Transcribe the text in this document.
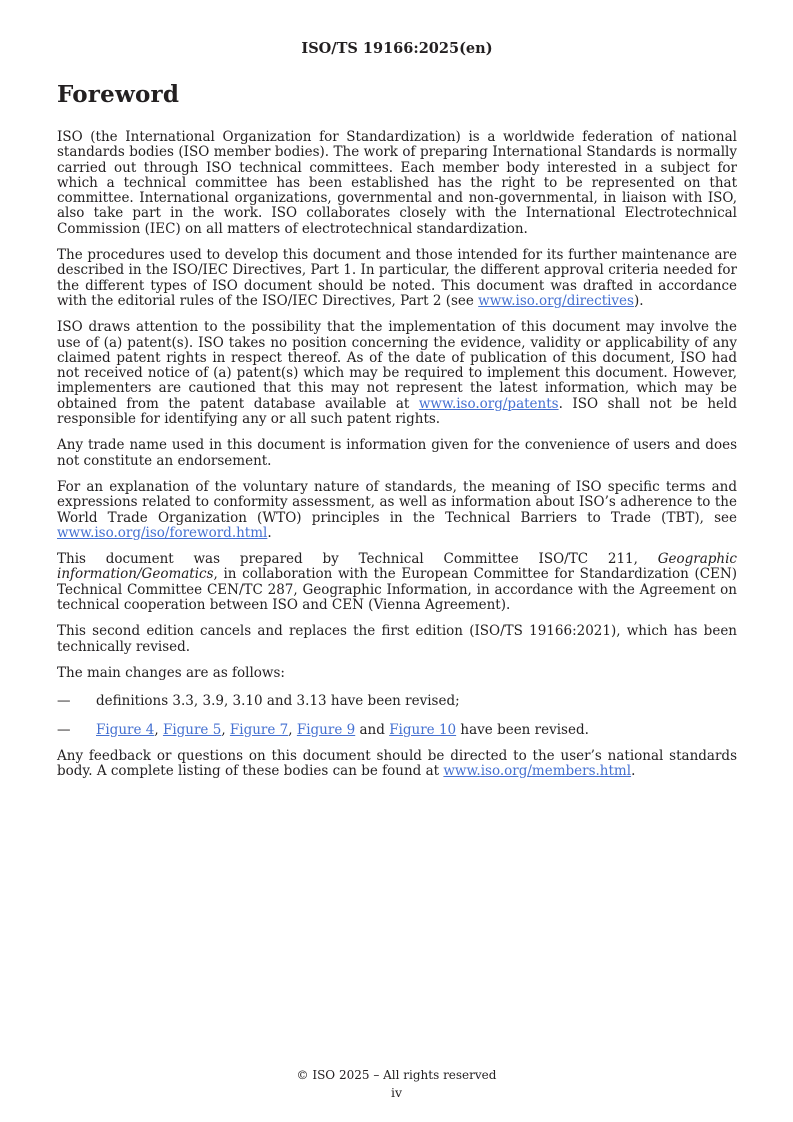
ISO/TS 19166:2025(en)
Foreword
ISO (the International Organization for Standardization) is a worldwide federation of national standards bodies (ISO member bodies). The work of preparing International Standards is normally carried out through ISO technical committees. Each member body interested in a subject for which a technical committee has been established has the right to be represented on that committee. International organizations, governmental and non-governmental, in liaison with ISO, also take part in the work. ISO collaborates closely with the International Electrotechnical Commission (IEC) on all matters of electrotechnical standardization.
The procedures used to develop this document and those intended for its further maintenance are described in the ISO/IEC Directives, Part 1. In particular, the different approval criteria needed for the different types of ISO document should be noted. This document was drafted in accordance with the editorial rules of the ISO/IEC Directives, Part 2 (see www.iso.org/directives).
ISO draws attention to the possibility that the implementation of this document may involve the use of (a) patent(s). ISO takes no position concerning the evidence, validity or applicability of any claimed patent rights in respect thereof. As of the date of publication of this document, ISO had not received notice of (a) patent(s) which may be required to implement this document. However, implementers are cautioned that this may not represent the latest information, which may be obtained from the patent database available at www.iso.org/patents. ISO shall not be held responsible for identifying any or all such patent rights.
Any trade name used in this document is information given for the convenience of users and does not constitute an endorsement.
For an explanation of the voluntary nature of standards, the meaning of ISO specific terms and expressions related to conformity assessment, as well as information about ISO’s adherence to the World Trade Organization (WTO) principles in the Technical Barriers to Trade (TBT), see www.iso.org/iso/foreword.html.
This document was prepared by Technical Committee ISO/TC 211, Geographic information/Geomatics, in collaboration with the European Committee for Standardization (CEN) Technical Committee CEN/TC 287, Geographic Information, in accordance with the Agreement on technical cooperation between ISO and CEN (Vienna Agreement).
This second edition cancels and replaces the first edition (ISO/TS 19166:2021), which has been technically revised.
The main changes are as follows:
—	definitions 3.3, 3.9, 3.10 and 3.13 have been revised;
—	Figure 4, Figure 5, Figure 7, Figure 9 and Figure 10 have been revised.
Any feedback or questions on this document should be directed to the user’s national standards body. A complete listing of these bodies can be found at www.iso.org/members.html.
© ISO 2025 – All rights reserved
iv
